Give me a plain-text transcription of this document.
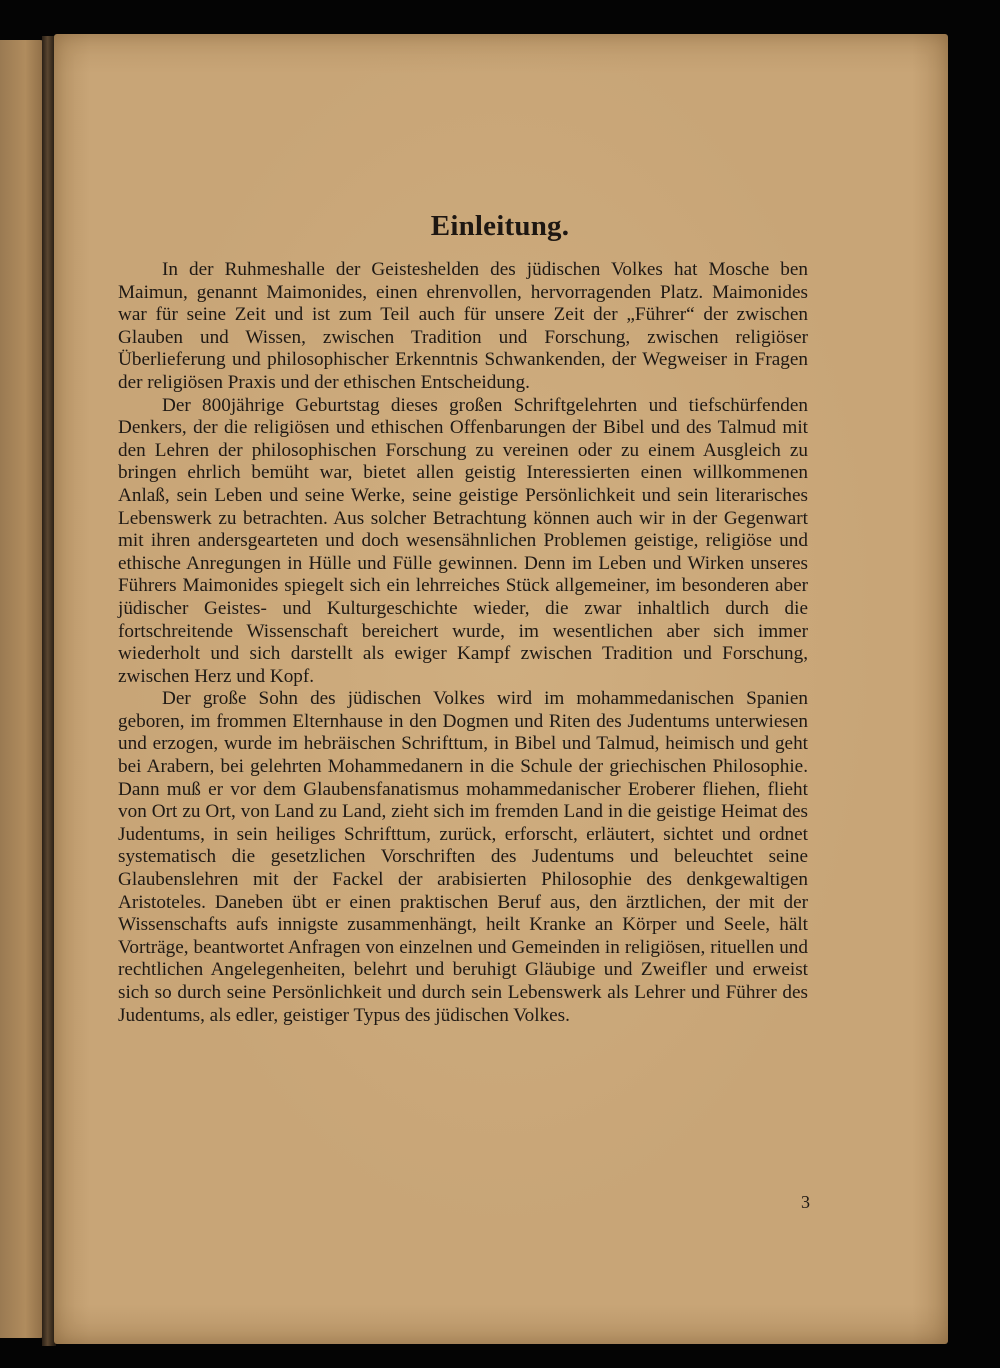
Einleitung.

In der Ruhmeshalle der Geisteshelden des jüdischen Volkes hat Mosche ben Maimun, genannt Maimonides, einen ehrenvollen, hervorragenden Platz. Maimonides war für seine Zeit und ist zum Teil auch für unsere Zeit der „Führer“ der zwischen Glauben und Wissen, zwischen Tradition und Forschung, zwischen religiöser Überlieferung und philosophischer Erkenntnis Schwankenden, der Wegweiser in Fragen der religiösen Praxis und der ethischen Entscheidung.

Der 800jährige Geburtstag dieses großen Schriftgelehrten und tiefschürfenden Denkers, der die religiösen und ethischen Offenbarungen der Bibel und des Talmud mit den Lehren der philosophischen Forschung zu vereinen oder zu einem Ausgleich zu bringen ehrlich bemüht war, bietet allen geistig Interessierten einen willkommenen Anlaß, sein Leben und seine Werke, seine geistige Persönlichkeit und sein literarisches Lebenswerk zu betrachten. Aus solcher Betrachtung können auch wir in der Gegenwart mit ihren andersgearteten und doch wesensähnlichen Problemen geistige, religiöse und ethische Anregungen in Hülle und Fülle gewinnen. Denn im Leben und Wirken unseres Führers Maimonides spiegelt sich ein lehrreiches Stück allgemeiner, im besonderen aber jüdischer Geistes- und Kulturgeschichte wieder, die zwar inhaltlich durch die fortschreitende Wissenschaft bereichert wurde, im wesentlichen aber sich immer wiederholt und sich darstellt als ewiger Kampf zwischen Tradition und Forschung, zwischen Herz und Kopf.

Der große Sohn des jüdischen Volkes wird im mohammedanischen Spanien geboren, im frommen Elternhause in den Dogmen und Riten des Judentums unterwiesen und erzogen, wurde im hebräischen Schrifttum, in Bibel und Talmud, heimisch und geht bei Arabern, bei gelehrten Mohammedanern in die Schule der griechischen Philosophie. Dann muß er vor dem Glaubensfanatismus mohammedanischer Eroberer fliehen, flieht von Ort zu Ort, von Land zu Land, zieht sich im fremden Land in die geistige Heimat des Judentums, in sein heiliges Schrifttum, zurück, erforscht, erläutert, sichtet und ordnet systematisch die gesetzlichen Vorschriften des Judentums und beleuchtet seine Glaubenslehren mit der Fackel der arabisierten Philosophie des denkgewaltigen Aristoteles. Daneben übt er einen praktischen Beruf aus, den ärztlichen, der mit der Wissenschafts aufs innigste zusammenhängt, heilt Kranke an Körper und Seele, hält Vorträge, beantwortet Anfragen von einzelnen und Gemeinden in religiösen, rituellen und rechtlichen Angelegenheiten, belehrt und beruhigt Gläubige und Zweifler und erweist sich so durch seine Persönlichkeit und durch sein Lebenswerk als Lehrer und Führer des Judentums, als edler, geistiger Typus des jüdischen Volkes.

3
